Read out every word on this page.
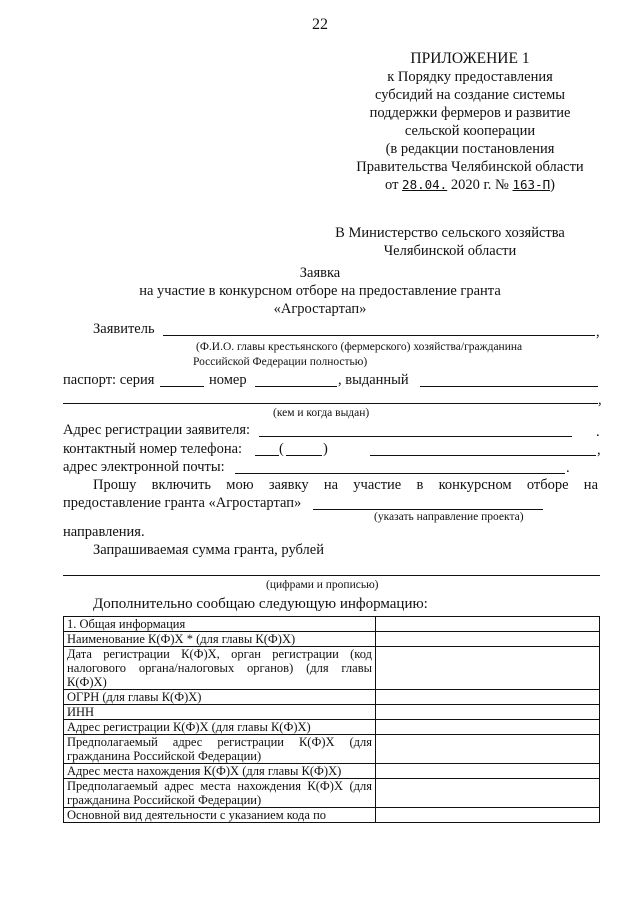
22
ПРИЛОЖЕНИЕ 1
к Порядку предоставления
субсидий на создание системы
поддержки фермеров и развитие
сельской кооперации
(в редакции постановления
Правительства Челябинской области
от 28.04. 2020 г. № 163-П)
В Министерство сельского хозяйства
Челябинской области
Заявка
на участие в конкурсном отборе на предоставление гранта
«Агростартап»
Заявитель	,
(Ф.И.О. главы крестьянского (фермерского) хозяйства/гражданина
Российской Федерации полностью)
паспорт: серия	номер	, выданный
,
(кем и когда выдан)
Адрес регистрации заявителя:	.
контактный номер телефона:	(	)	,
адрес электронной почты:	.
Прошу включить мою заявку на участие в конкурсном отборе на
предоставление гранта «Агростартап»
(указать направление проекта)
направления.
Запрашиваемая сумма гранта, рублей
(цифрами и прописью)
Дополнительно сообщаю следующую информацию:
1. Общая информация	
Наименование К(Ф)Х * (для главы К(Ф)Х)	
Дата регистрации К(Ф)Х, орган регистрации (код налогового органа/налоговых органов) (для главы К(Ф)Х)	
ОГРН (для главы К(Ф)Х)	
ИНН	
Адрес регистрации К(Ф)Х (для главы К(Ф)Х)	
Предполагаемый адрес регистрации К(Ф)Х (для гражданина Российской Федерации)	
Адрес места нахождения К(Ф)Х (для главы К(Ф)Х)	
Предполагаемый адрес места нахождения К(Ф)Х (для гражданина Российской Федерации)	
Основной вид деятельности с указанием кода по	
